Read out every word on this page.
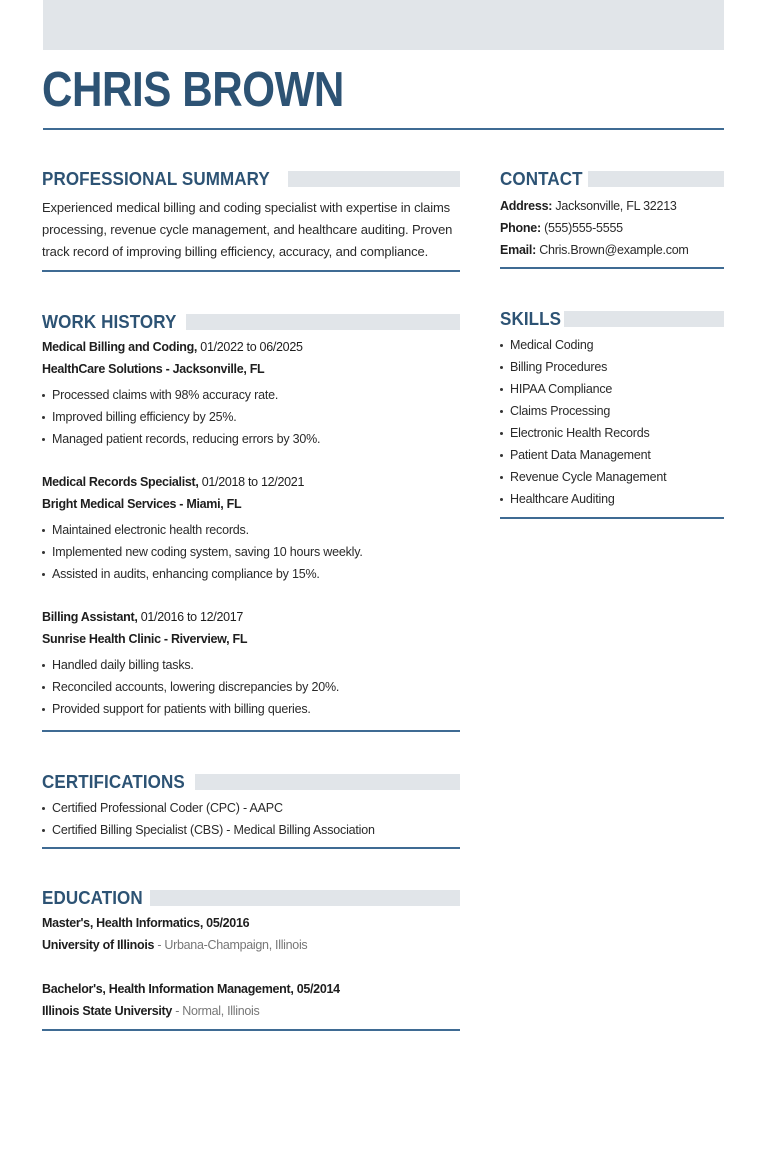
CHRIS BROWN
PROFESSIONAL SUMMARY

Experienced medical billing and coding specialist with expertise in claims processing, revenue cycle management, and healthcare auditing. Proven track record of improving billing efficiency, accuracy, and compliance.

WORK HISTORY
Medical Billing and Coding, 01/2022 to 06/2025
HealthCare Solutions - Jacksonville, FL
Processed claims with 98% accuracy rate.
Improved billing efficiency by 25%.
Managed patient records, reducing errors by 30%.
Medical Records Specialist, 01/2018 to 12/2021
Bright Medical Services - Miami, FL
Maintained electronic health records.
Implemented new coding system, saving 10 hours weekly.
Assisted in audits, enhancing compliance by 15%.
Billing Assistant, 01/2016 to 12/2017
Sunrise Health Clinic - Riverview, FL
Handled daily billing tasks.
Reconciled accounts, lowering discrepancies by 20%.
Provided support for patients with billing queries.
CERTIFICATIONS
Certified Professional Coder (CPC) - AAPC
Certified Billing Specialist (CBS) - Medical Billing Association
EDUCATION
Master's, Health Informatics, 05/2016
University of Illinois - Urbana-Champaign, Illinois
Bachelor's, Health Information Management, 05/2014
Illinois State University - Normal, Illinois
CONTACT
Address: Jacksonville, FL 32213
Phone: (555)555-5555
Email: Chris.Brown@example.com
SKILLS
Medical Coding
Billing Procedures
HIPAA Compliance
Claims Processing
Electronic Health Records
Patient Data Management
Revenue Cycle Management
Healthcare Auditing
